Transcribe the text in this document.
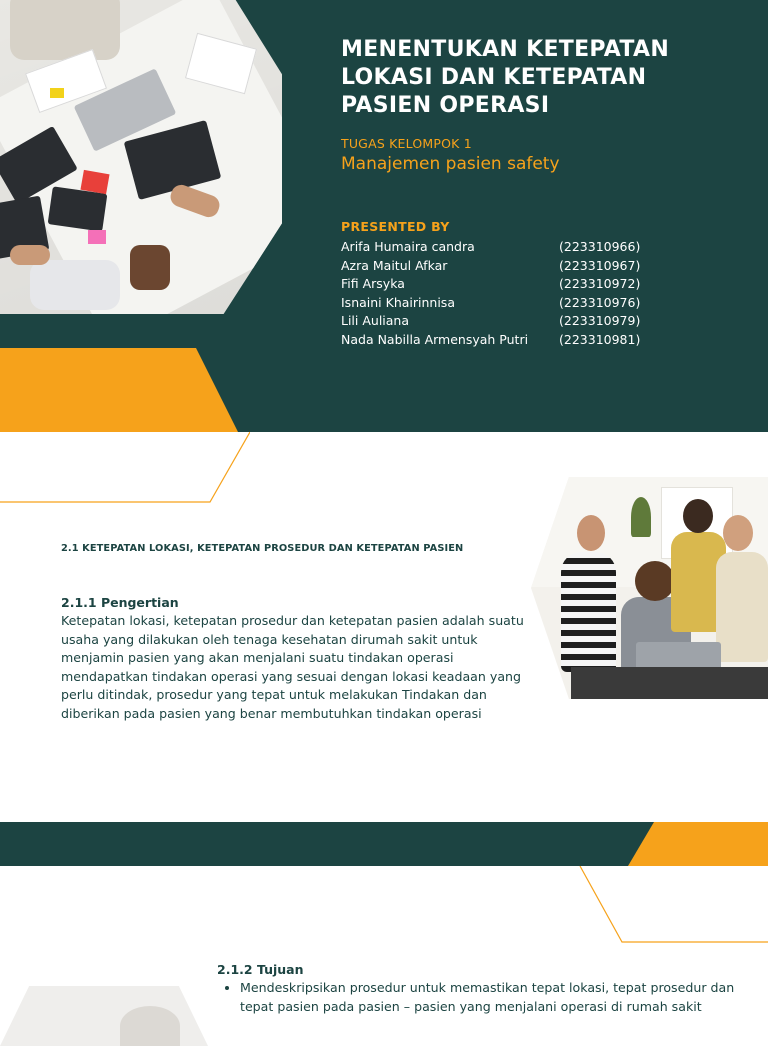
MENENTUKAN KETEPATAN LOKASI DAN KETEPATAN PASIEN OPERASI
TUGAS KELOMPOK 1
Manajemen pasien safety
PRESENTED BY
Arifa Humaira candra	(223310966)
Azra Maitul Afkar	(223310967)
Fifi Arsyka	(223310972)
Isnaini Khairinnisa	(223310976)
Lili Auliana	(223310979)
Nada Nabilla Armensyah Putri (223310981)
2.1 KETEPATAN LOKASI, KETEPATAN PROSEDUR DAN KETEPATAN PASIEN
2.1.1 Pengertian

Ketepatan lokasi, ketepatan prosedur dan ketepatan pasien adalah suatu usaha yang dilakukan oleh tenaga kesehatan dirumah sakit untuk menjamin pasien yang akan menjalani suatu tindakan operasi mendapatkan tindakan operasi yang sesuai dengan lokasi keadaan yang perlu ditindak, prosedur yang tepat untuk melakukan Tindakan dan diberikan pada pasien yang benar membutuhkan tindakan operasi

2.1.2 Tujuan
• Mendeskripsikan prosedur untuk memastikan tepat lokasi, tepat prosedur dan tepat pasien pada pasien – pasien yang menjalani operasi di rumah sakit
